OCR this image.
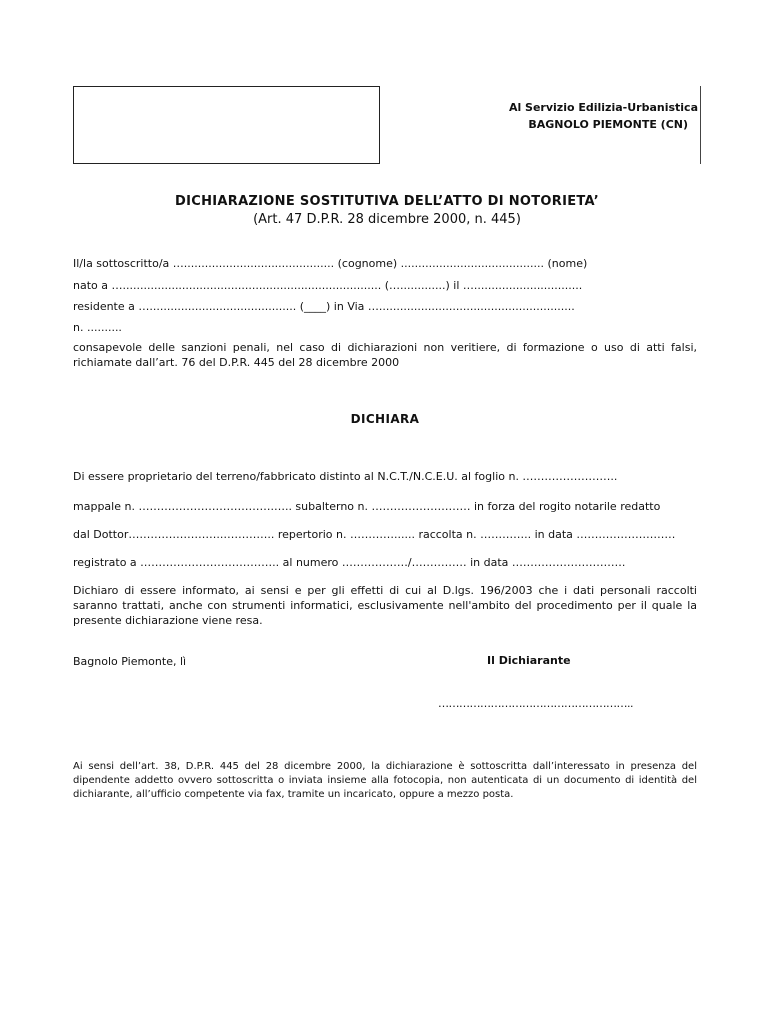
Al Servizio Edilizia-Urbanistica
BAGNOLO PIEMONTE (CN)
DICHIARAZIONE SOSTITUTIVA DELL’ATTO DI NOTORIETA’
(Art. 47 D.P.R. 28 dicembre 2000, n. 445)
Il/la sottoscritto/a …........................................... (cognome) ......................................... (nome)
nato a ….......................................................................... (….............) il …...............................
residente a ….......................................... (____) in Via …........................................................
n. ..........
consapevole delle sanzioni penali, nel caso di dichiarazioni non veritiere, di formazione o uso di atti falsi, richiamate dall’art. 76 del D.P.R. 445 del 28 dicembre 2000
DICHIARA
Di essere proprietario del terreno/fabbricato distinto al N.C.T./N.C.E.U. al foglio n. ……………………..
mappale n. ……………………………….….. subalterno n. ……………………… in forza del rogito notarile redatto
dal Dottor……………………..………….. repertorio n. …………...... raccolta n. ………….. in data ………………………
registrato a ……………………………….. al numero ………………/…………… in data ………………………….
Dichiaro di essere informato, ai sensi e per gli effetti di cui al D.lgs. 196/2003 che i dati personali raccolti saranno trattati, anche con strumenti informatici, esclusivamente nell'ambito del procedimento per il quale la presente dichiarazione viene resa.
Bagnolo Piemonte, lì	Il Dichiarante
………………………………………………..
Ai sensi dell’art. 38, D.P.R. 445 del 28 dicembre 2000, la dichiarazione è sottoscritta dall’interessato in presenza del dipendente addetto ovvero sottoscritta o inviata insieme alla fotocopia, non autenticata di un documento di identità del dichiarante, all’ufficio competente via fax, tramite un incaricato, oppure a mezzo posta.
